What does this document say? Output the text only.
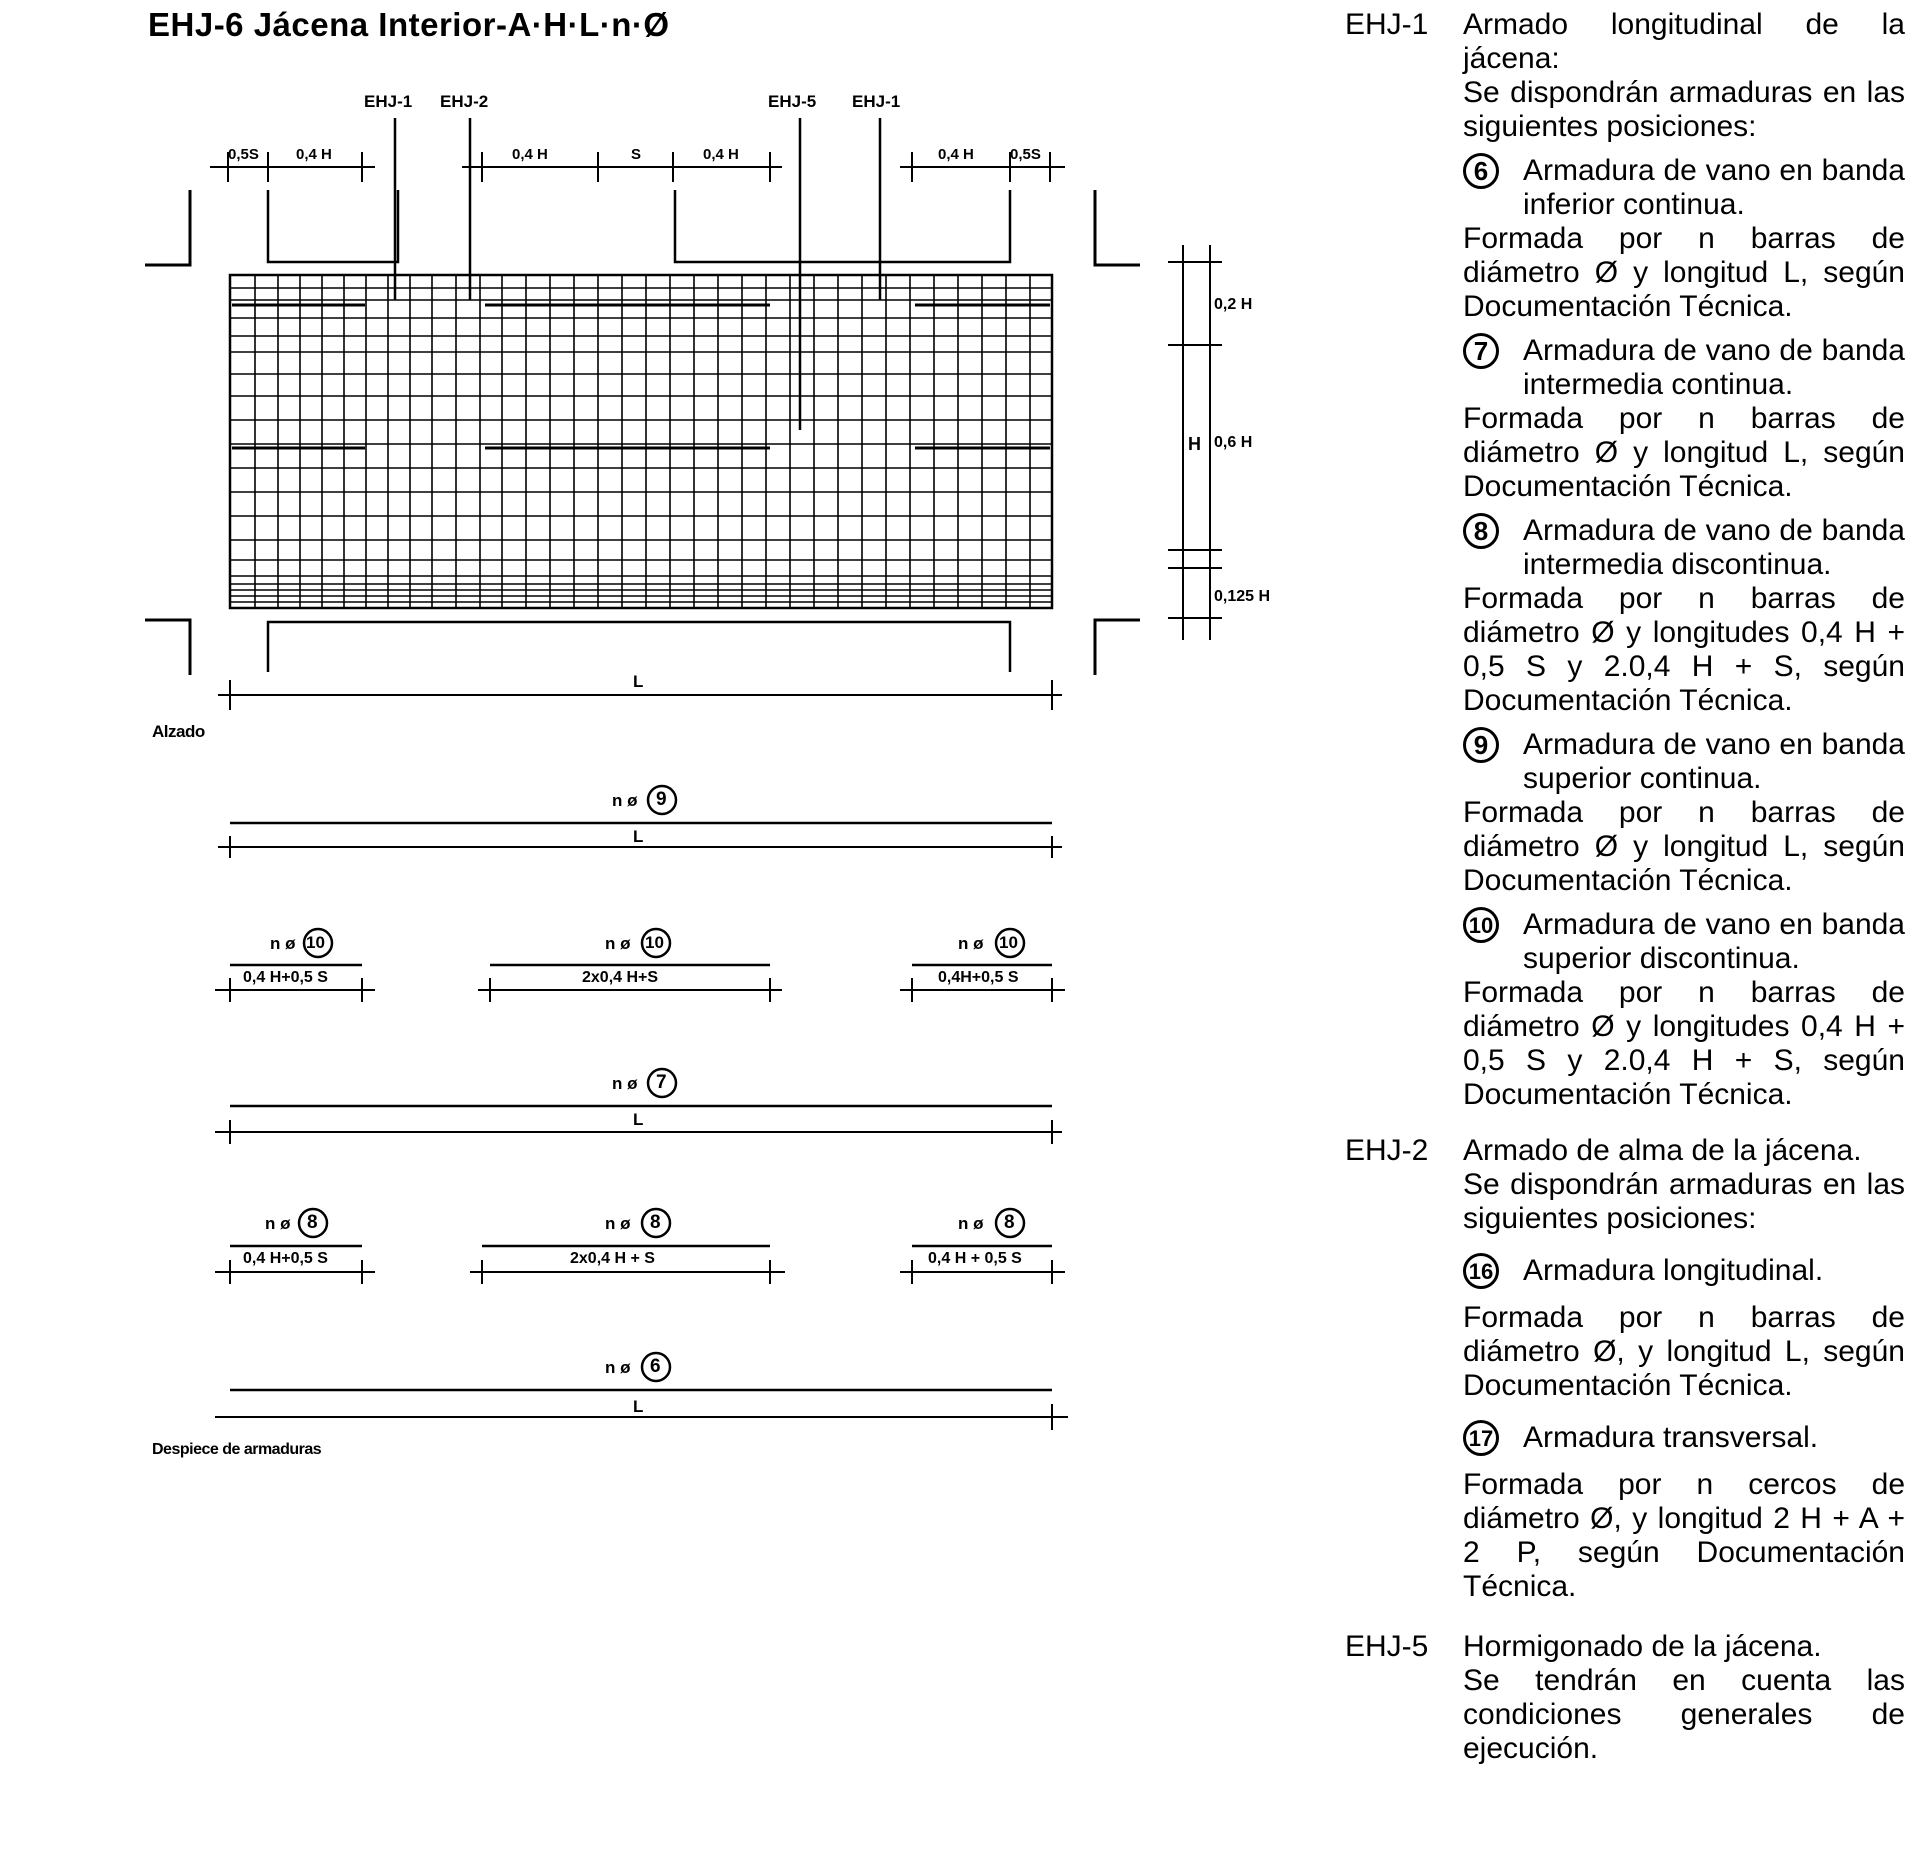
EHJ-6 Jácena Interior-A·H·L·n·Ø
EHJ-1 EHJ-2	EHJ-5 EHJ-1
0,5S 0,4 H	0,4 H	S	0,4 H	0,4 H 0,5S
H
0,2 H
0,6 H
0,125 H
L
Alzado
n ø 9
L
n ø 10	n ø 10	n ø 10
0,4 H+0,5 S	2x0,4 H+S	0,4H+0,5 S
n ø 7
L
n ø 8	n ø 8	n ø 8
0,4 H+0,5 S	2x0,4 H + S	0,4 H + 0,5 S
n ø 6
L
Despiece de armaduras
EHJ-1	Armado longitudinal de la jácena:

Se dispondrán armaduras en las siguientes posiciones:

6	Armadura de vano en banda inferior continua.

Formada por n barras de diámetro Ø y longitud L, según Documentación Técnica.

7	Armadura de vano de banda intermedia continua.

Formada por n barras de diámetro Ø y longitud L, según Documentación Técnica.

8	Armadura de vano de banda intermedia discontinua.

Formada por n barras de diámetro Ø y longitudes 0,4 H + 0,5 S y 2.0,4 H + S, según Documentación Técnica.

9	Armadura de vano en banda superior continua.

Formada por n barras de diámetro Ø y longitud L, según Documentación Técnica.

10 Armadura de vano en banda superior discontinua.

Formada por n barras de diámetro Ø y longitudes 0,4 H + 0,5 S y 2.0,4 H + S, según Documentación Técnica.

EHJ-2	Armado de alma de la jácena.

Se dispondrán armaduras en las siguientes posiciones:

16 Armadura longitudinal.

Formada por n barras de diámetro Ø, y longitud L, según Documentación Técnica.

17 Armadura transversal.

Formada por n cercos de diámetro Ø, y longitud 2 H + A + 2 P, según Documentación Técnica.

EHJ-5	Hormigonado de la jácena.

Se tendrán en cuenta las condiciones generales de ejecución.
